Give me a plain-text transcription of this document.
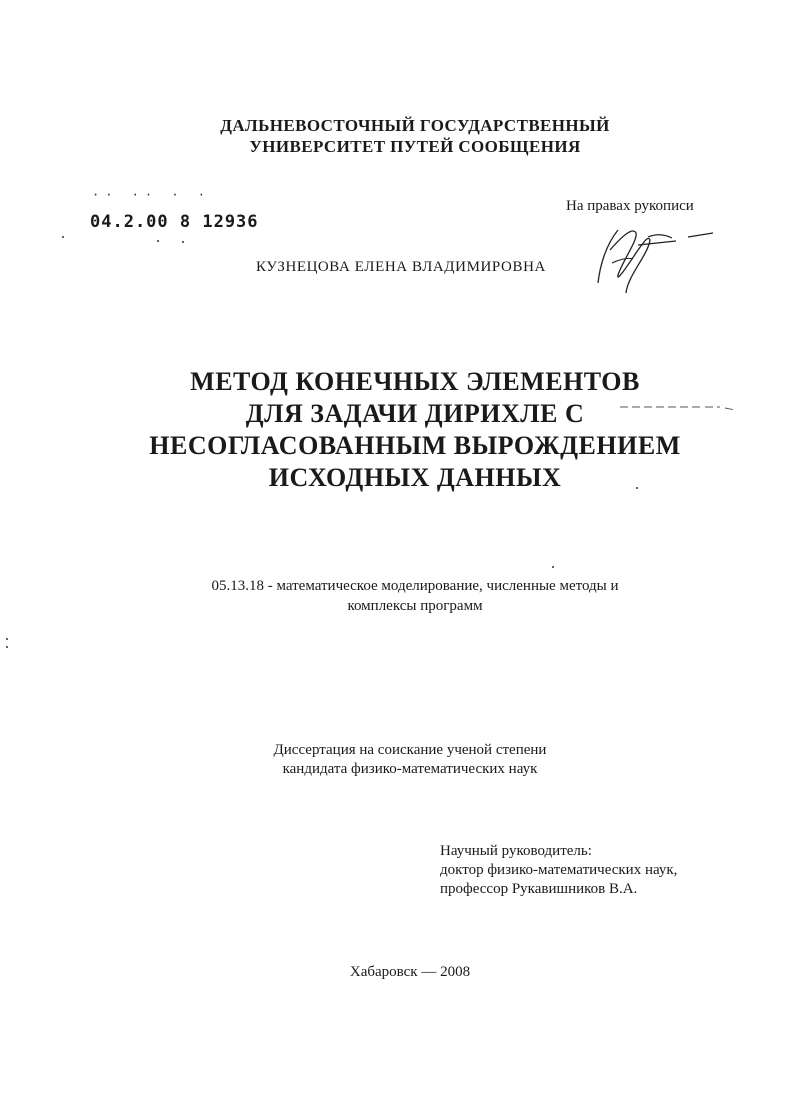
ДАЛЬНЕВОСТОЧНЫЙ ГОСУДАРСТВЕННЫЙ
УНИВЕРСИТЕТ ПУТЕЙ СООБЩЕНИЯ
·· ·· · ·
04.2.00 8 12936
На правах рукописи
КУЗНЕЦОВА ЕЛЕНА ВЛАДИМИРОВНА
МЕТОД КОНЕЧНЫХ ЭЛЕМЕНТОВ
ДЛЯ ЗАДАЧИ ДИРИХЛЕ С
НЕСОГЛАСОВАННЫМ ВЫРОЖДЕНИЕМ
ИСХОДНЫХ ДАННЫХ
05.13.18 - математическое моделирование, численные методы и
комплексы программ
Диссертация на соискание ученой степени
кандидата физико-математических наук
Научный руководитель:
доктор физико-математических наук,
профессор Рукавишников В.А.
Хабаровск — 2008
